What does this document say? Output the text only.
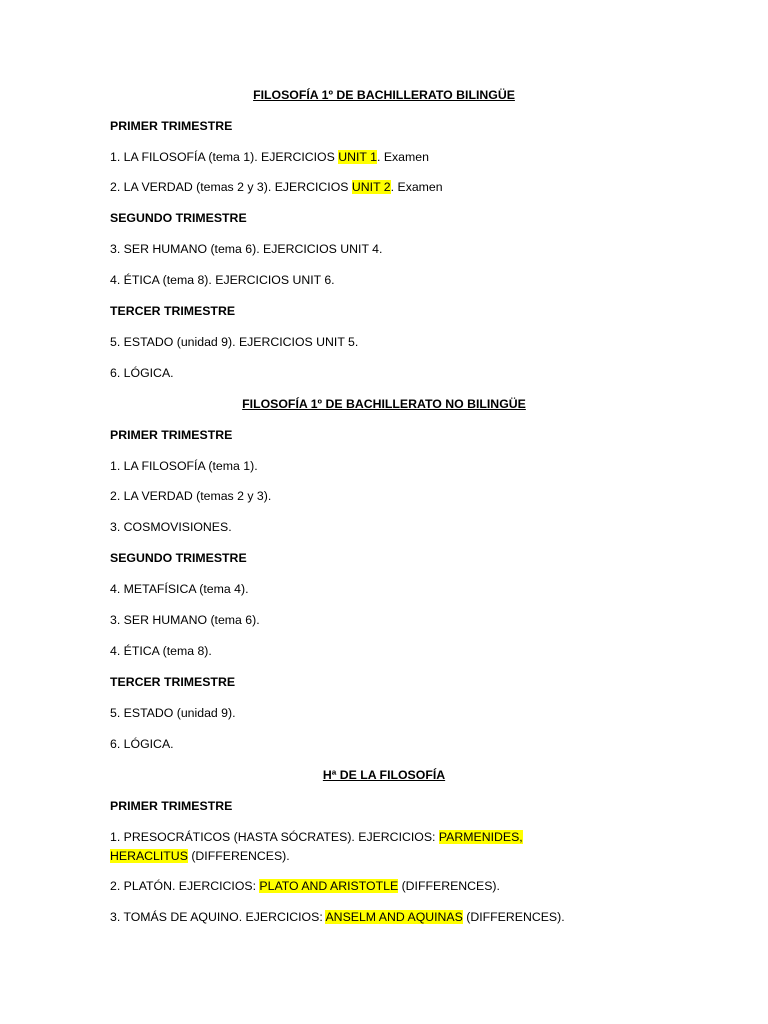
FILOSOFÍA 1º DE BACHILLERATO BILINGÜE
PRIMER TRIMESTRE
1. LA FILOSOFÍA (tema 1). EJERCICIOS UNIT 1. Examen
2. LA VERDAD (temas 2 y 3). EJERCICIOS UNIT 2. Examen
SEGUNDO TRIMESTRE
3. SER HUMANO (tema 6). EJERCICIOS UNIT 4.
4. ÉTICA (tema 8). EJERCICIOS UNIT 6.
TERCER TRIMESTRE
5. ESTADO (unidad 9). EJERCICIOS UNIT 5.
6. LÓGICA.
FILOSOFÍA 1º DE BACHILLERATO NO BILINGÜE
PRIMER TRIMESTRE
1. LA FILOSOFÍA (tema 1).
2. LA VERDAD (temas 2 y 3).
3. COSMOVISIONES.
SEGUNDO TRIMESTRE
4. METAFÍSICA (tema 4).
3. SER HUMANO (tema 6).
4. ÉTICA (tema 8).
TERCER TRIMESTRE
5. ESTADO (unidad 9).
6. LÓGICA.
Hª DE LA FILOSOFÍA
PRIMER TRIMESTRE
1. PRESOCRÁTICOS (HASTA SÓCRATES). EJERCICIOS: PARMENIDES, HERACLITUS (DIFFERENCES).
2. PLATÓN. EJERCICIOS: PLATO AND ARISTOTLE (DIFFERENCES).
3. TOMÁS DE AQUINO. EJERCICIOS: ANSELM AND AQUINAS (DIFFERENCES).
